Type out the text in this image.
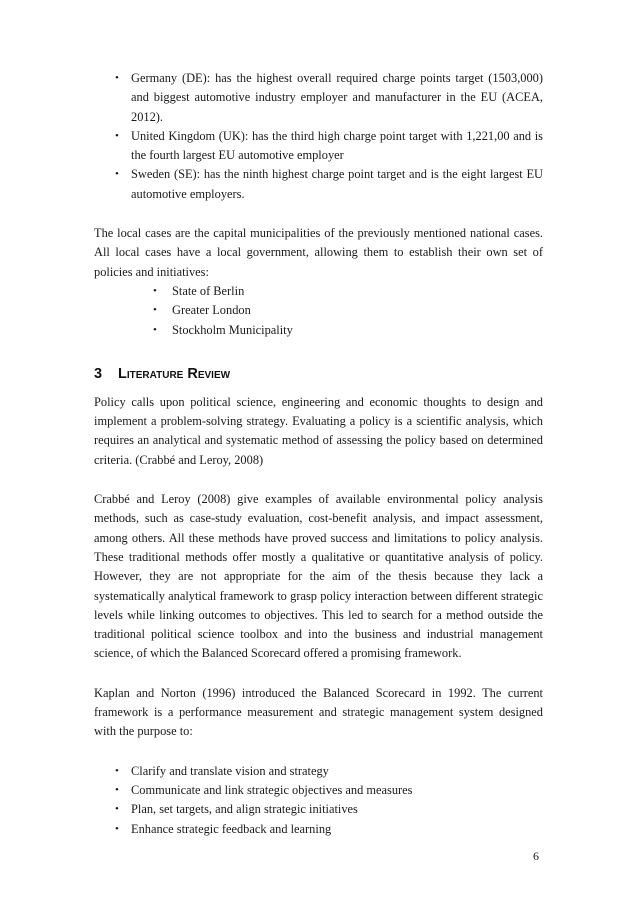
• Germany (DE): has the highest overall required charge points target (1503,000) and biggest automotive industry employer and manufacturer in the EU (ACEA, 2012).
• United Kingdom (UK): has the third high charge point target with 1,221,00 and is the fourth largest EU automotive employer
• Sweden (SE): has the ninth highest charge point target and is the eight largest EU automotive employers.

The local cases are the capital municipalities of the previously mentioned national cases. All local cases have a local government, allowing them to establish their own set of policies and initiatives:

• State of Berlin
• Greater London
• Stockholm Municipality
3 Literature Review

Policy calls upon political science, engineering and economic thoughts to design and implement a problem-solving strategy. Evaluating a policy is a scientific analysis, which requires an analytical and systematic method of assessing the policy based on determined criteria. (Crabbé and Leroy, 2008)

Crabbé and Leroy (2008) give examples of available environmental policy analysis methods, such as case-study evaluation, cost-benefit analysis, and impact assessment, among others. All these methods have proved success and limitations to policy analysis. These traditional methods offer mostly a qualitative or quantitative analysis of policy. However, they are not appropriate for the aim of the thesis because they lack a systematically analytical framework to grasp policy interaction between different strategic levels while linking outcomes to objectives. This led to search for a method outside the traditional political science toolbox and into the business and industrial management science, of which the Balanced Scorecard offered a promising framework.

Kaplan and Norton (1996) introduced the Balanced Scorecard in 1992. The current framework is a performance measurement and strategic management system designed with the purpose to:

• Clarify and translate vision and strategy
• Communicate and link strategic objectives and measures
• Plan, set targets, and align strategic initiatives
• Enhance strategic feedback and learning
6
